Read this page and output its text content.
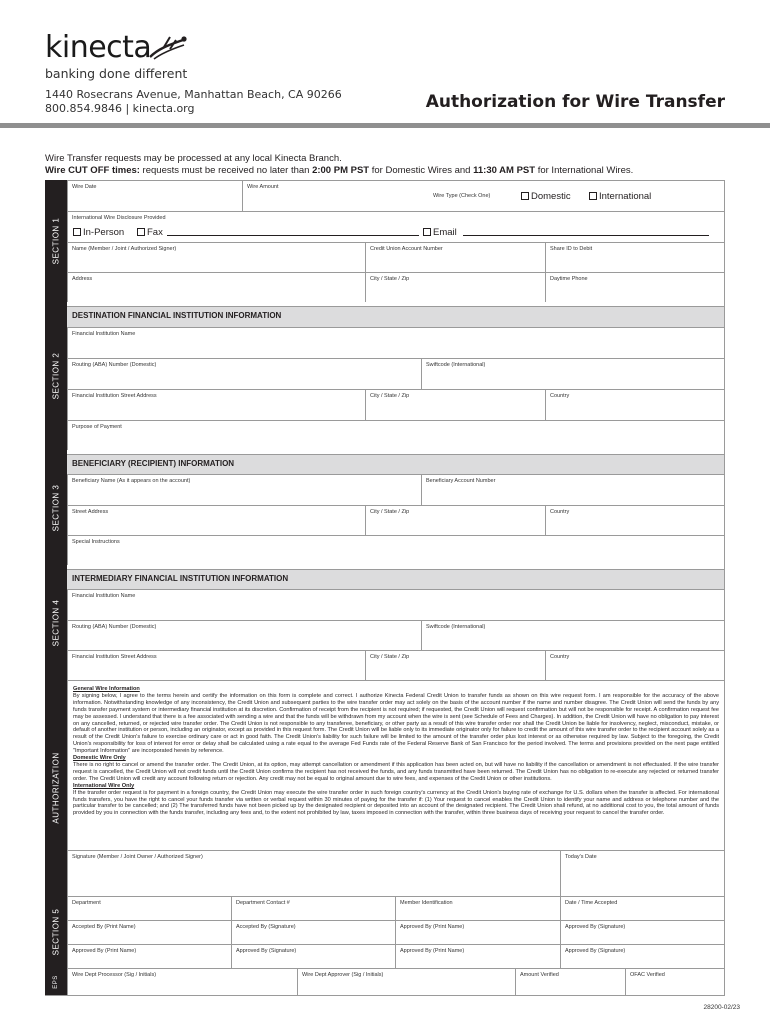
kinecta
banking done different
1440 Rosecrans Avenue, Manhattan Beach, CA 90266
800.854.9846 | kinecta.org	Authorization for Wire Transfer
Wire Transfer requests may be processed at any local Kinecta Branch.
Wire CUT OFF times: requests must be received no later than 2:00 PM PST for Domestic Wires and 11:30 AM PST for International Wires.
SECTION 1
Wire Date	Wire Amount
Wire Type (Check One)	Domestic	International
International Wire Disclosure Provided
In-Person	Fax	Email
Name (Member / Joint / Authorized Signer)	Credit Union Account Number	Share ID to Debit
Address	City / State / Zip	Daytime Phone
SECTION 2
DESTINATION FINANCIAL INSTITUTION INFORMATION
Financial Institution Name
Routing (ABA) Number (Domestic)	Swiftcode (International)
Financial Institution Street Address	City / State / Zip	Country
Purpose of Payment
SECTION 3
BENEFICIARY (RECIPIENT) INFORMATION
Beneficiary Name (As it appears on the account)	Beneficiary Account Number
Street Address	City / State / Zip	Country
Special Instructions
SECTION 4
INTERMEDIARY FINANCIAL INSTITUTION INFORMATION
Financial Institution Name
Routing (ABA) Number (Domestic)	Swiftcode (International)
Financial Institution Street Address	City / State / Zip	Country
AUTHORIZATION
General Wire Information
By signing below, I agree to the terms herein and certify the information on this form is complete and correct. I authorize Kinecta Federal Credit Union to transfer funds as shown on this wire request form. I am responsible for the accuracy of the above information. Notwithstanding knowledge of any inconsistency, the Credit Union and subsequent parties to the wire transfer order may act solely on the basis of the account number if the name and number disagree. The Credit Union will send the funds by any funds transfer payment system or intermediary financial institution at its discretion. Confirmation of receipt from the recipient is not required; if requested, the Credit Union will request confirmation but will not be responsible for receipt. A confirmation request fee may be assessed. I understand that there is a fee associated with sending a wire and that the funds will be withdrawn from my account when the wire is sent (see Schedule of Fees and Charges). In addition, the Credit Union will have no obligation to pay interest on any cancelled, returned, or rejected wire transfer order. The Credit Union is not responsible to any transferee, beneficiary, or other party as a result of this wire transfer order nor shall the Credit Union be liable for insolvency, neglect, misconduct, mistake, or default of another institution or person, including an originator, except as provided in this request form. The Credit Union will be liable only to its immediate originator only for failure to credit the amount of this wire transfer order to the recipient account solely as a result of the Credit Union's failure to exercise ordinary care or act in good faith. The Credit Union's liability for such failure will be limited to the amount of the transfer order plus lost interest or as otherwise required by law. Subject to the foregoing, the Credit Union's responsibility for loss of interest for error or delay shall be calculated using a rate equal to the average Fed Funds rate of the Federal Reserve Bank of San Francisco for the period involved. The terms and provisions provided on the next page entitled "Important Information" are incorporated herein by reference.
Domestic Wire Only
There is no right to cancel or amend the transfer order. The Credit Union, at its option, may attempt cancellation or amendment if this application has been acted on, but will have no liability if the cancellation or amendment is not effectuated. If the wire transfer request is cancelled, the Credit Union will not credit funds until the Credit Union confirms the recipient has not received the funds, and any funds transmitted have been returned. The Credit Union has no obligation to re-execute any rejected or returned transfer order. The Credit Union will credit any account following return or rejection. Any credit may not be equal to original amount due to wire fees, and expenses of the Credit Union or other institutions.
International Wire Only
If the transfer order request is for payment in a foreign country, the Credit Union may execute the wire transfer order in such foreign country's currency at the Credit Union's buying rate of exchange for U.S. dollars when the transfer is affected. For international funds transfers, you have the right to cancel your funds transfer via written or verbal request within 30 minutes of paying for the transfer if: (1) Your request to cancel enables the Credit Union to identify your name and address or telephone number and the particular transfer to be cancelled; and (2) The transferred funds have not been picked up by the designated recipient or deposited into an account of the designated recipient. The Credit Union shall refund, at no additional cost to you, the total amount of funds provided by you in connection with the funds transfer, including any fees and, to the extent not prohibited by law, taxes imposed in connection with the transfer, within three business days of receiving your request to cancel the transfer order.
Signature (Member / Joint Owner / Authorized Signer)	Today's Date
SECTION 5
Department	Department Contact #	Member Identification	Date / Time Accepted
Accepted By (Print Name)	Accepted By (Signature)	Approved By (Print Name)	Approved By (Signature)
Approved By (Print Name)	Approved By (Signature)	Approved By (Print Name)	Approved By (Signature)
EPS
Wire Dept Processor (Sig / Initials)	Wire Dept Approver (Sig / Initials)	Amount Verified	OFAC Verified
28200-02/23
